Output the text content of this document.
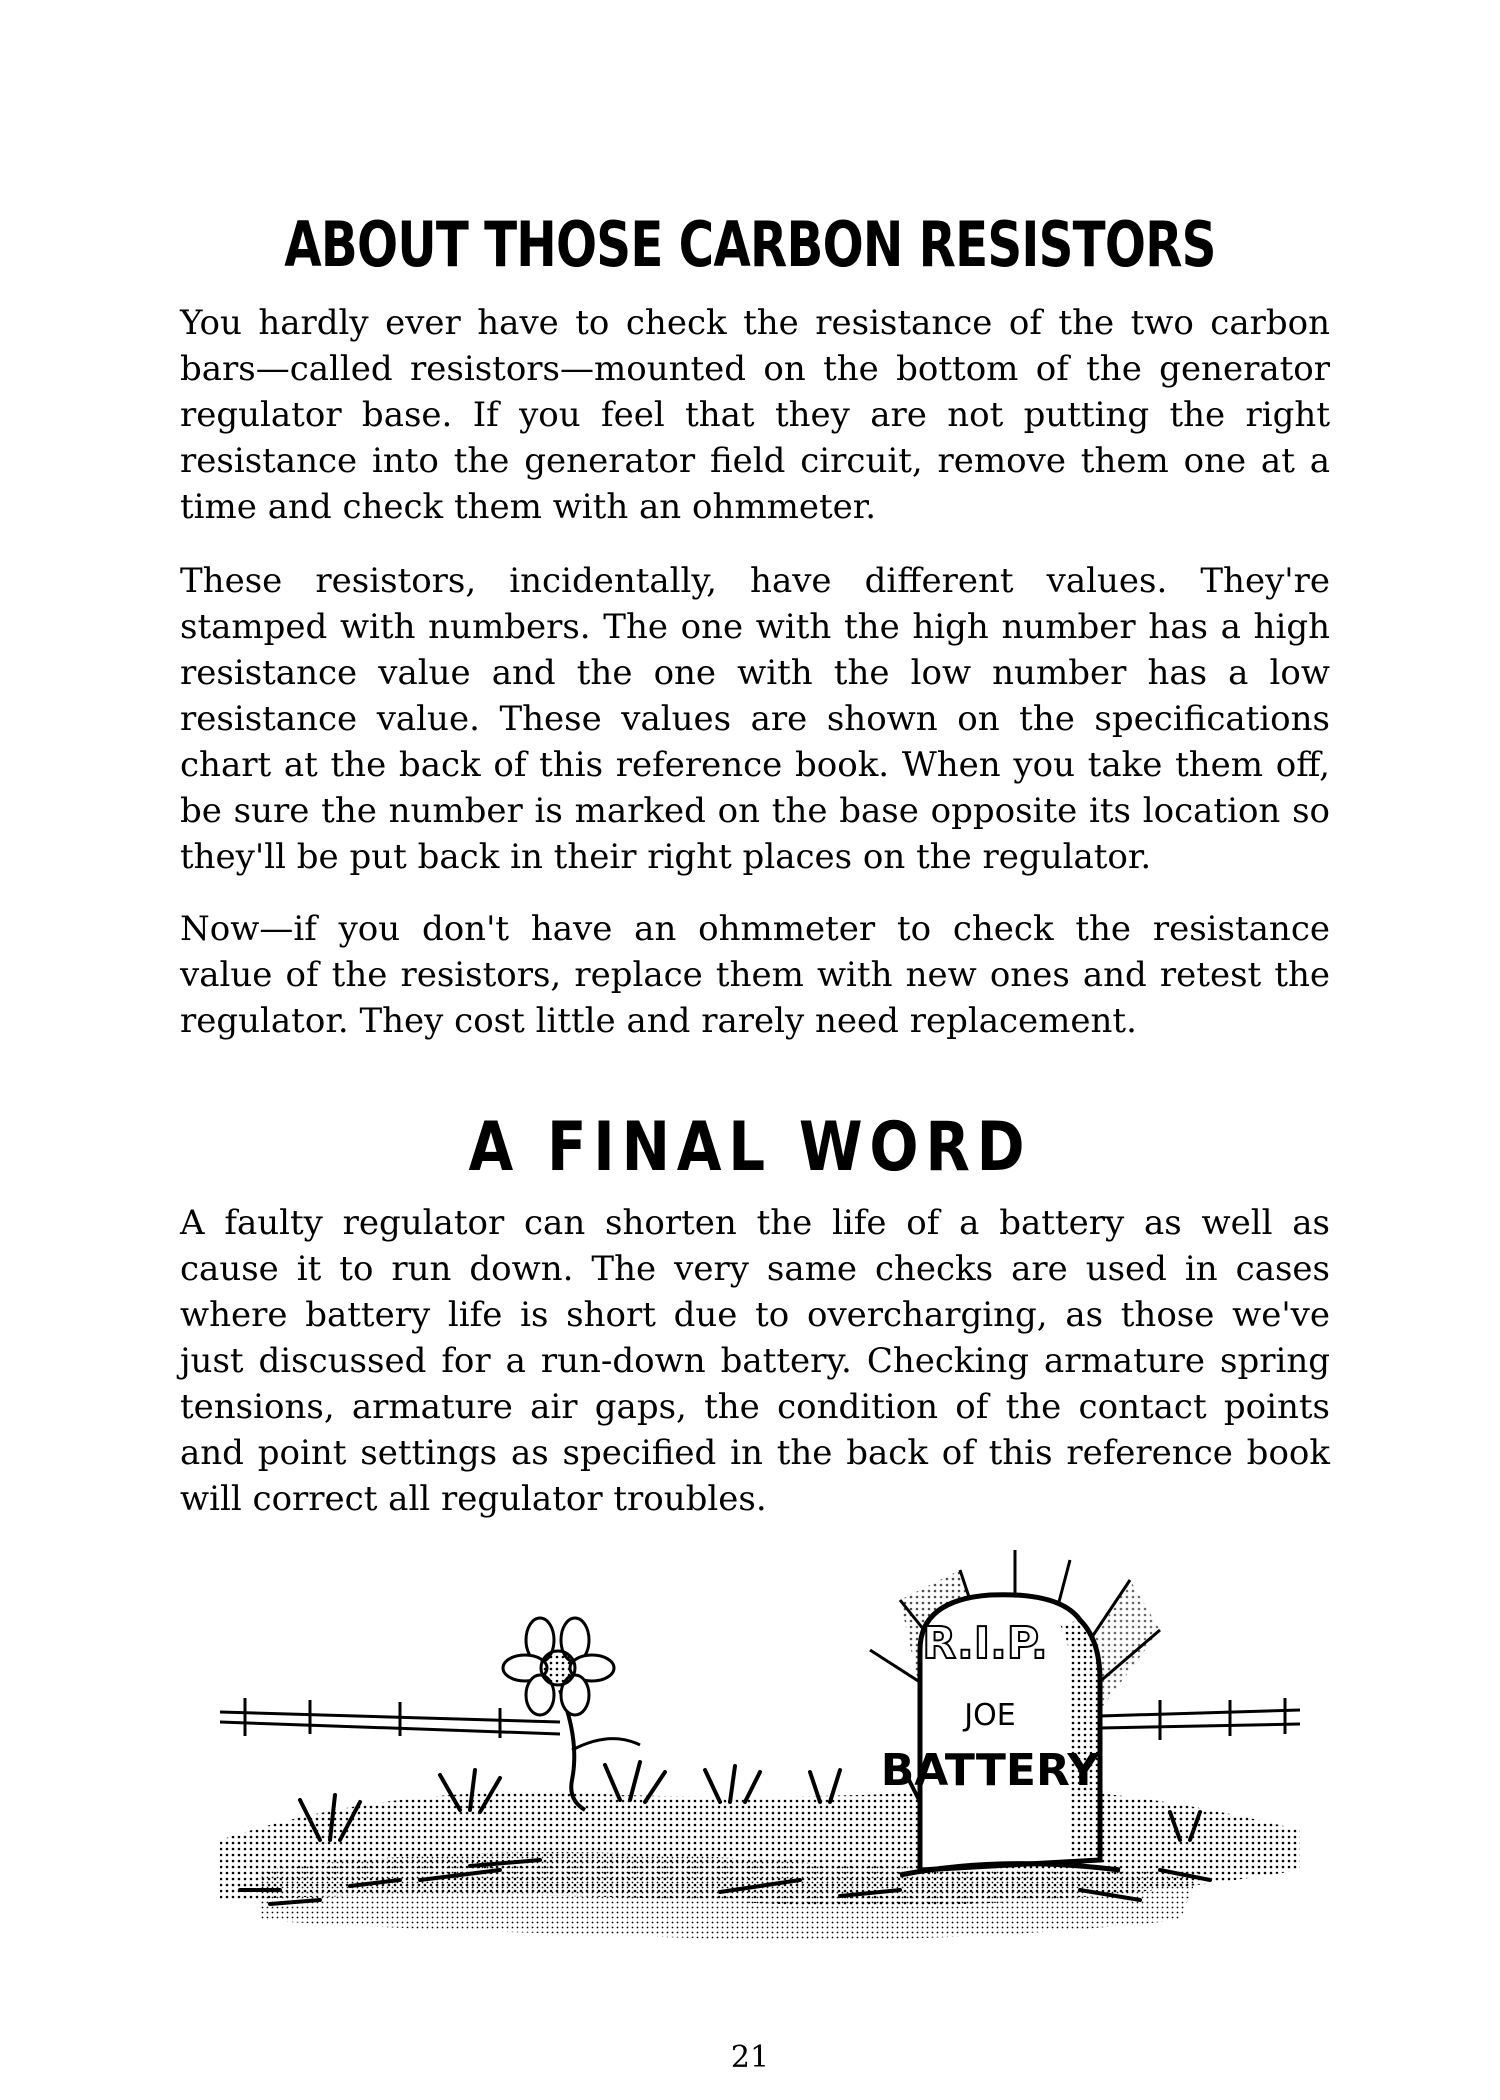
ABOUT THOSE CARBON RESISTORS

You hardly ever have to check the resistance of the two carbon bars—called resistors—mounted on the bottom of the generator regulator base. If you feel that they are not putting the right resistance into the generator field circuit, remove them one at a time and check them with an ohmmeter.

These resistors, incidentally, have different values. They're stamped with numbers. The one with the high number has a high resistance value and the one with the low number has a low resistance value. These values are shown on the specifications chart at the back of this reference book. When you take them off, be sure the number is marked on the base opposite its location so they'll be put back in their right places on the regulator.

Now—if you don't have an ohmmeter to check the resistance value of the resistors, replace them with new ones and retest the regulator. They cost little and rarely need replacement.

A FINAL WORD

A faulty regulator can shorten the life of a battery as well as cause it to run down. The very same checks are used in cases where battery life is short due to overcharging, as those we've just discussed for a run-down battery. Checking armature spring tensions, armature air gaps, the condition of the contact points and point settings as specified in the back of this reference book will correct all regulator troubles.

R.I.P.
JOE
BATTERY
21
